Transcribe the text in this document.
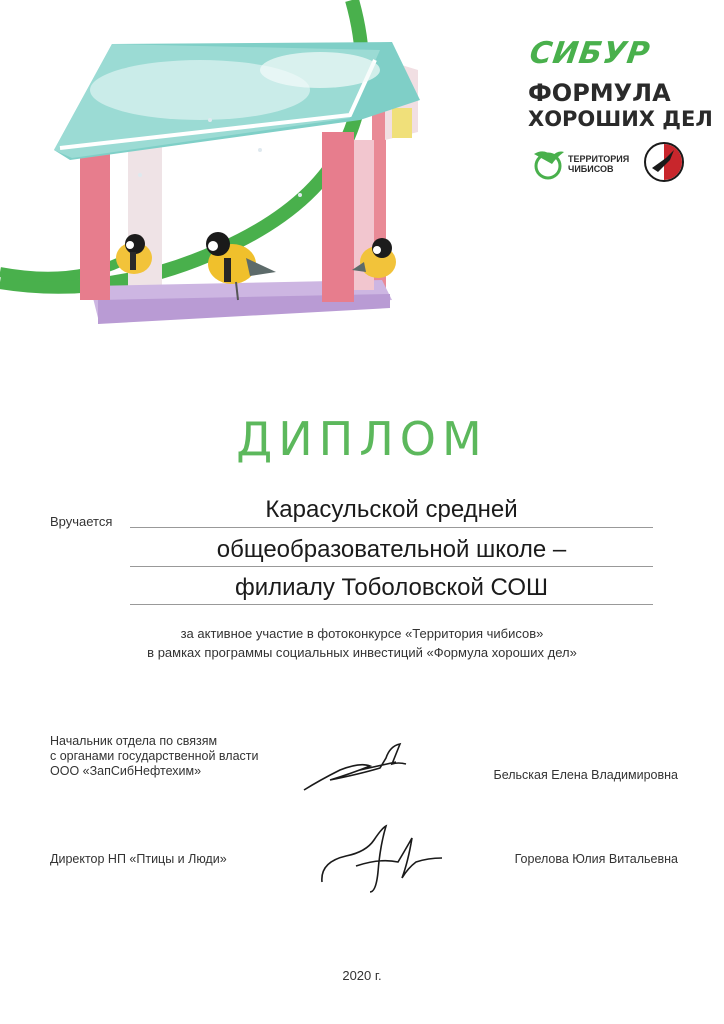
СИБУР
ФОРМУЛА
ХОРОШИХ ДЕЛ
ТЕРРИТОРИЯ ЧИБИСОВ
ДИПЛОМ
Вручается	Карасульской средней
общеобразовательной школе –
филиалу Тоболовской СОШ
за активное участие в фотоконкурсе «Территория чибисов»
в рамках программы социальных инвестиций «Формула хороших дел»
Начальник отдела по связям
с органами государственной власти
ООО «ЗапСибНефтехим»	Бельская Елена Владимировна
Директор НП «Птицы и Люди»	Горелова Юлия Витальевна
2020 г.
